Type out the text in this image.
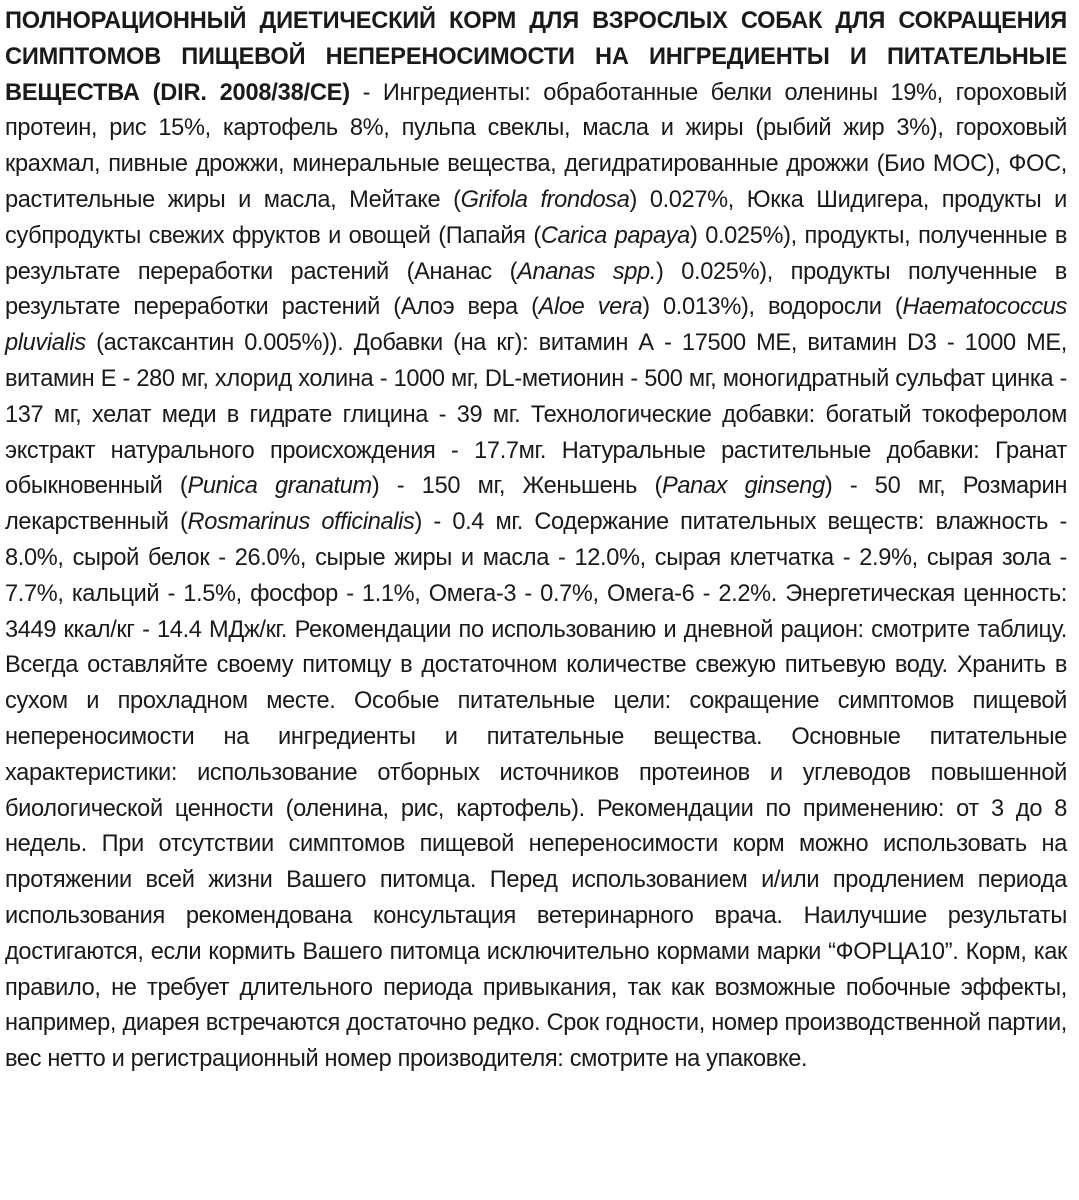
ПОЛНОРАЦИОННЫЙ ДИЕТИЧЕСКИЙ КОРМ ДЛЯ ВЗРОСЛЫХ СОБАК ДЛЯ СОКРАЩЕНИЯ СИМПТОМОВ ПИЩЕВОЙ НЕПЕРЕНОСИМОСТИ НА ИНГРЕДИЕНТЫ И ПИТАТЕЛЬНЫЕ ВЕЩЕСТВА (DIR. 2008/38/CE) - Ингредиенты: обработанные белки оленины 19%, гороховый протеин, рис 15%, картофель 8%, пульпа свеклы, масла и жиры (рыбий жир 3%), гороховый крахмал, пивные дрожжи, минеральные вещества, дегидратированные дрожжи (Био МОС), ФОС, растительные жиры и масла, Мейтаке (Grifola frondosa) 0.027%, Юкка Шидигера, продукты и субпродукты свежих фруктов и овощей (Папайя (Carica papaya) 0.025%), продукты, полученные в результате переработки растений (Ананас (Ananas spp.) 0.025%), продукты полученные в результате переработки растений (Алоэ вера (Aloe vera) 0.013%), водоросли (Haematococcus pluvialis (астаксантин 0.005%)). Добавки (на кг): витамин А - 17500 МЕ, витамин D3 - 1000 МЕ, витамин Е - 280 мг, хлорид холина - 1000 мг, DL-метионин - 500 мг, моногидратный сульфат цинка - 137 мг, хелат меди в гидрате глицина - 39 мг. Технологические добавки: богатый токоферолом экстракт натурального происхождения - 17.7мг. Натуральные растительные добавки: Гранат обыкновенный (Punica granatum) - 150 мг, Женьшень (Panax ginseng) - 50 мг, Розмарин лекарственный (Rosmarinus officinalis) - 0.4 мг. Содержание питательных веществ: влажность - 8.0%, сырой белок - 26.0%, сырые жиры и масла - 12.0%, сырая клетчатка - 2.9%, сырая зола - 7.7%, кальций - 1.5%, фосфор - 1.1%, Омега-3 - 0.7%, Омега-6 - 2.2%. Энергетическая ценность: 3449 ккал/кг - 14.4 МДж/кг. Рекомендации по использованию и дневной рацион: смотрите таблицу. Всегда оставляйте своему питомцу в достаточном количестве свежую питьевую воду. Хранить в сухом и прохладном месте. Особые питательные цели: сокращение симптомов пищевой непереносимости на ингредиенты и питательные вещества. Основные питательные характеристики: использование отборных источников протеинов и углеводов повышенной биологической ценности (оленина, рис, картофель). Рекомендации по применению: от 3 до 8 недель. При отсутствии симптомов пищевой непереносимости корм можно использовать на протяжении всей жизни Вашего питомца. Перед использованием и/или продлением периода использования рекомендована консультация ветеринарного врача. Наилучшие результаты достигаются, если кормить Вашего питомца исключительно кормами марки “ФОРЦА10”. Корм, как правило, не требует длительного периода привыкания, так как возможные побочные эффекты, например, диарея встречаются достаточно редко. Срок годности, номер производственной партии, вес нетто и регистрационный номер производителя: смотрите на упаковке.
